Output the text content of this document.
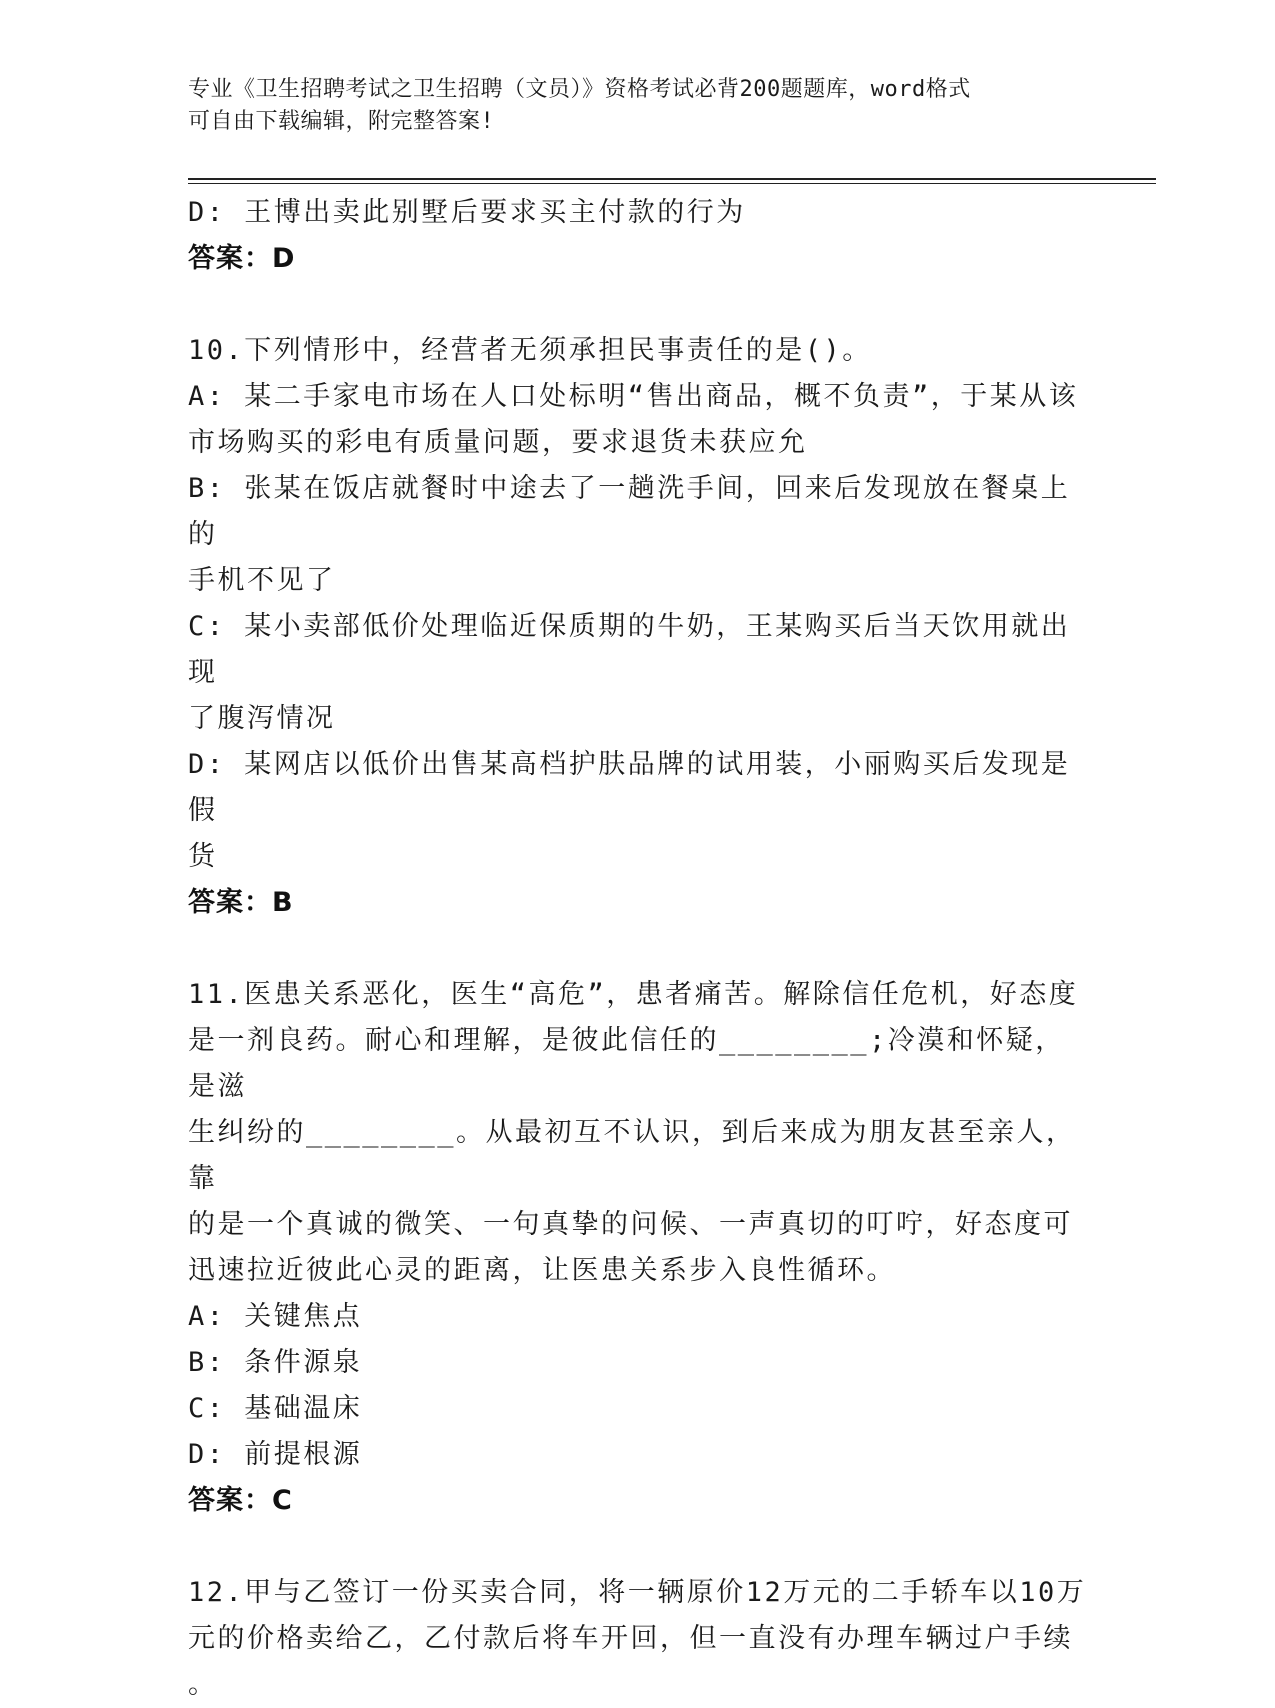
专业《卫生招聘考试之卫生招聘（文员）》资格考试必背200题题库，word格式
可自由下载编辑，附完整答案!
D: 王博出卖此别墅后要求买主付款的行为
答案：D
10.下列情形中，经营者无须承担民事责任的是()。
A: 某二手家电市场在人口处标明“售出商品，概不负责”，于某从该
市场购买的彩电有质量问题，要求退货未获应允
B: 张某在饭店就餐时中途去了一趟洗手间，回来后发现放在餐桌上的
手机不见了
C: 某小卖部低价处理临近保质期的牛奶，王某购买后当天饮用就出现
了腹泻情况
D: 某网店以低价出售某高档护肤品牌的试用装，小丽购买后发现是假
货
答案：B
11.医患关系恶化，医生“高危”，患者痛苦。解除信任危机，好态度
是一剂良药。耐心和理解，是彼此信任的________;冷漠和怀疑，是滋
生纠纷的________。从最初互不认识，到后来成为朋友甚至亲人，靠
的是一个真诚的微笑、一句真挚的问候、一声真切的叮咛，好态度可
迅速拉近彼此心灵的距离，让医患关系步入良性循环。
A: 关键焦点
B: 条件源泉
C: 基础温床
D: 前提根源
答案：C
12.甲与乙签订一份买卖合同，将一辆原价12万元的二手轿车以10万
元的价格卖给乙，乙付款后将车开回，但一直没有办理车辆过户手续
。
